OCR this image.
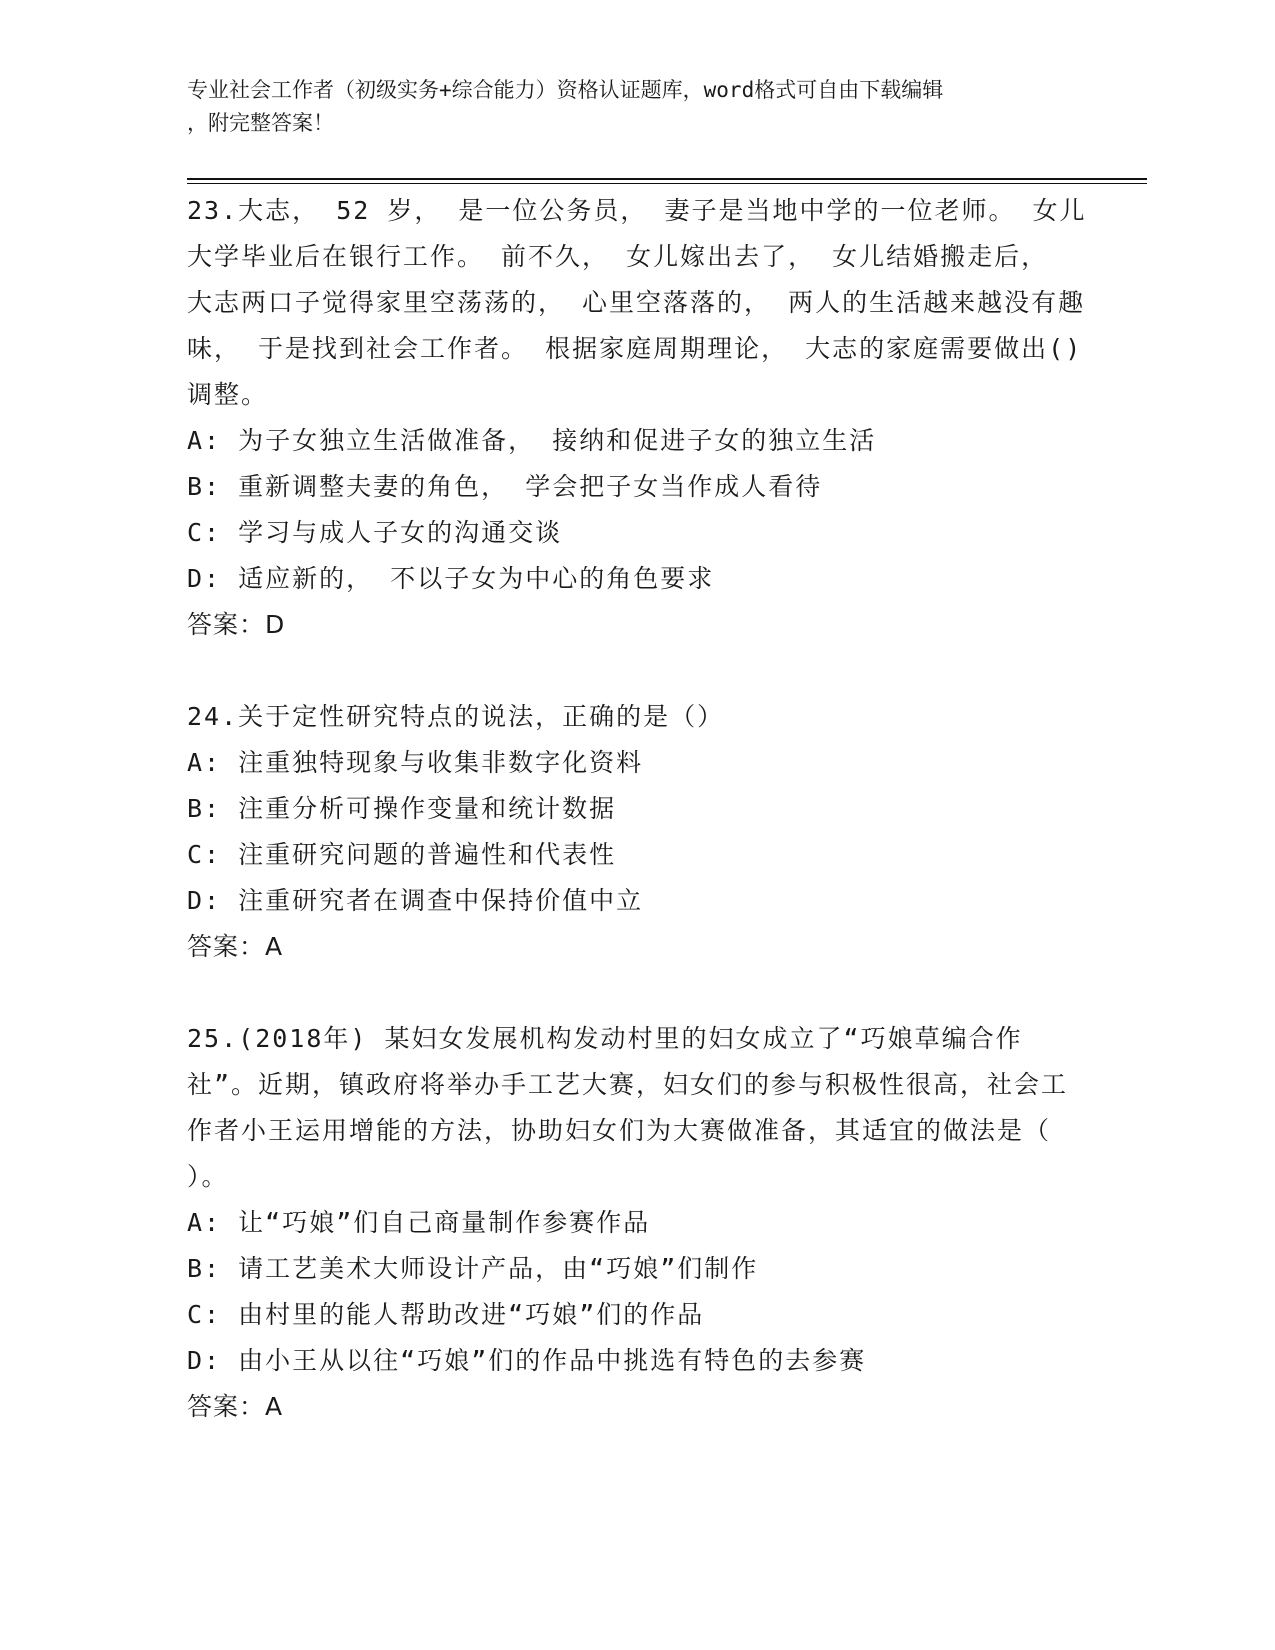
专业社会工作者（初级实务+综合能力）资格认证题库，word格式可自由下载编辑
，附完整答案！

23.大志， 52 岁， 是一位公务员， 妻子是当地中学的一位老师。 女儿大学毕业后在银行工作。 前不久， 女儿嫁出去了， 女儿结婚搬走后， 大志两口子觉得家里空荡荡的， 心里空落落的， 两人的生活越来越没有趣味， 于是找到社会工作者。 根据家庭周期理论， 大志的家庭需要做出() 调整。

A: 为子女独立生活做准备， 接纳和促进子女的独立生活

B: 重新调整夫妻的角色， 学会把子女当作成人看待

C: 学习与成人子女的沟通交谈

D: 适应新的， 不以子女为中心的角色要求

答案：D

24.关于定性研究特点的说法，正确的是（）

A: 注重独特现象与收集非数字化资料

B: 注重分析可操作变量和统计数据

C: 注重研究问题的普遍性和代表性

D: 注重研究者在调查中保持价值中立

答案：A

25.(2018年) 某妇女发展机构发动村里的妇女成立了“巧娘草编合作社”。近期，镇政府将举办手工艺大赛，妇女们的参与积极性很高，社会工作者小王运用增能的方法，协助妇女们为大赛做准备，其适宜的做法是（ ）。

A: 让“巧娘”们自己商量制作参赛作品

B: 请工艺美术大师设计产品，由“巧娘”们制作

C: 由村里的能人帮助改进“巧娘”们的作品

D: 由小王从以往“巧娘”们的作品中挑选有特色的去参赛

答案：A
